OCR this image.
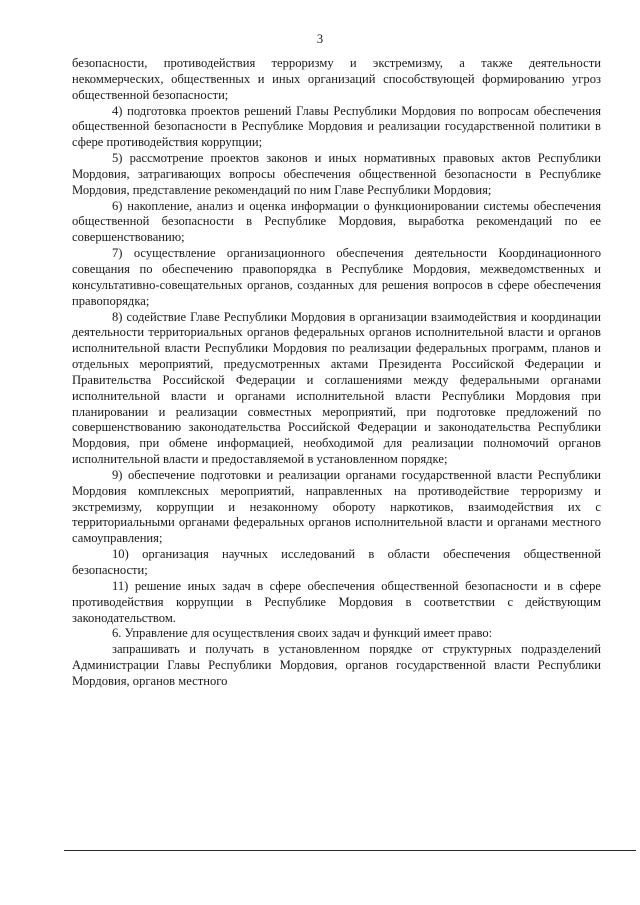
3

безопасности, противодействия терроризму и экстремизму, а также деятельности некоммерческих, общественных и иных организаций способствующей формированию угроз общественной безопасности;

4) подготовка проектов решений Главы Республики Мордовия по вопросам обеспечения общественной безопасности в Республике Мордовия и реализации государственной политики в сфере противодействия коррупции;

5) рассмотрение проектов законов и иных нормативных правовых актов Республики Мордовия, затрагивающих вопросы обеспечения общественной безопасности в Республике Мордовия, представление рекомендаций по ним Главе Республики Мордовия;

6) накопление, анализ и оценка информации о функционировании системы обеспечения общественной безопасности в Республике Мордовия, выработка рекомендаций по ее совершенствованию;

7) осуществление организационного обеспечения деятельности Координационного совещания по обеспечению правопорядка в Республике Мордовия, межведомственных и консультативно-совещательных органов, созданных для решения вопросов в сфере обеспечения правопорядка;

8) содействие Главе Республики Мордовия в организации взаимодействия и координации деятельности территориальных органов федеральных органов исполнительной власти и органов исполнительной власти Республики Мордовия по реализации федеральных программ, планов и отдельных мероприятий, предусмотренных актами Президента Российской Федерации и Правительства Российской Федерации и соглашениями между федеральными органами исполнительной власти и органами исполнительной власти Республики Мордовия при планировании и реализации совместных мероприятий, при подготовке предложений по совершенствованию законодательства Российской Федерации и законодательства Республики Мордовия, при обмене информацией, необходимой для реализации полномочий органов исполнительной власти и предоставляемой в установленном порядке;

9) обеспечение подготовки и реализации органами государственной власти Республики Мордовия комплексных мероприятий, направленных на противодействие терроризму и экстремизму, коррупции и незаконному обороту наркотиков, взаимодействия их с территориальными органами федеральных органов исполнительной власти и органами местного самоуправления;

10) организация научных исследований в области обеспечения общественной безопасности;

11) решение иных задач в сфере обеспечения общественной безопасности и в сфере противодействия коррупции в Республике Мордовия в соответствии с действующим законодательством.

6. Управление для осуществления своих задач и функций имеет право:

запрашивать и получать в установленном порядке от структурных подразделений Администрации Главы Республики Мордовия, органов государственной власти Республики Мордовия, органов местного
